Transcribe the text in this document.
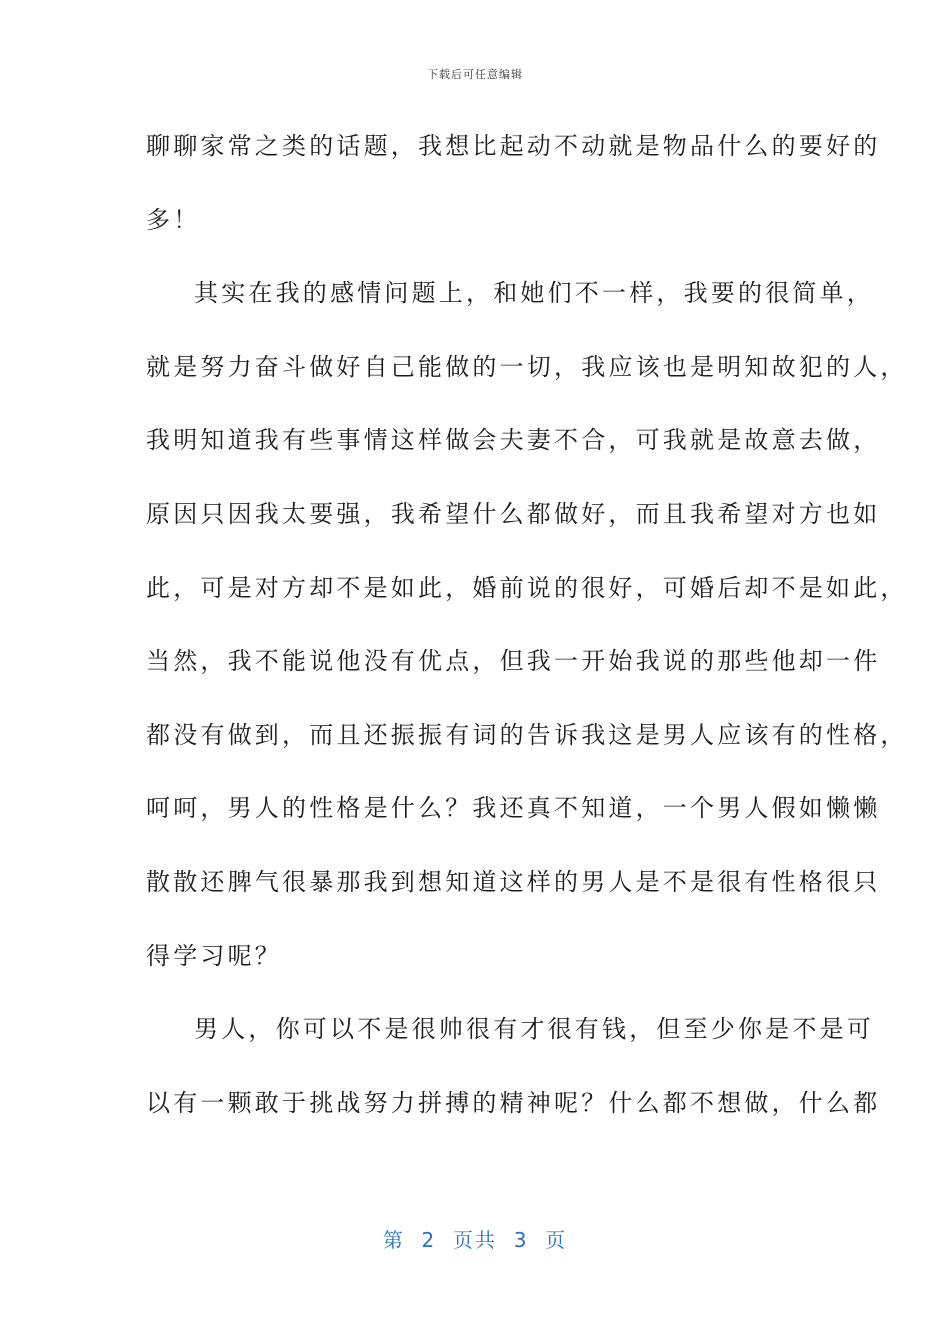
下载后可任意编辑
聊聊家常之类的话题，我想比起动不动就是物品什么的要好的
多！
其实在我的感情问题上，和她们不一样，我要的很简单，
就是努力奋斗做好自己能做的一切，我应该也是明知故犯的人，
我明知道我有些事情这样做会夫妻不合，可我就是故意去做，
原因只因我太要强，我希望什么都做好，而且我希望对方也如
此，可是对方却不是如此，婚前说的很好，可婚后却不是如此，
当然，我不能说他没有优点，但我一开始我说的那些他却一件
都没有做到，而且还振振有词的告诉我这是男人应该有的性格，
呵呵，男人的性格是什么？我还真不知道，一个男人假如懒懒
散散还脾气很暴那我到想知道这样的男人是不是很有性格很只
得学习呢？
男人，你可以不是很帅很有才很有钱，但至少你是不是可
以有一颗敢于挑战努力拼搏的精神呢？什么都不想做，什么都
第  2  页共  3  页
